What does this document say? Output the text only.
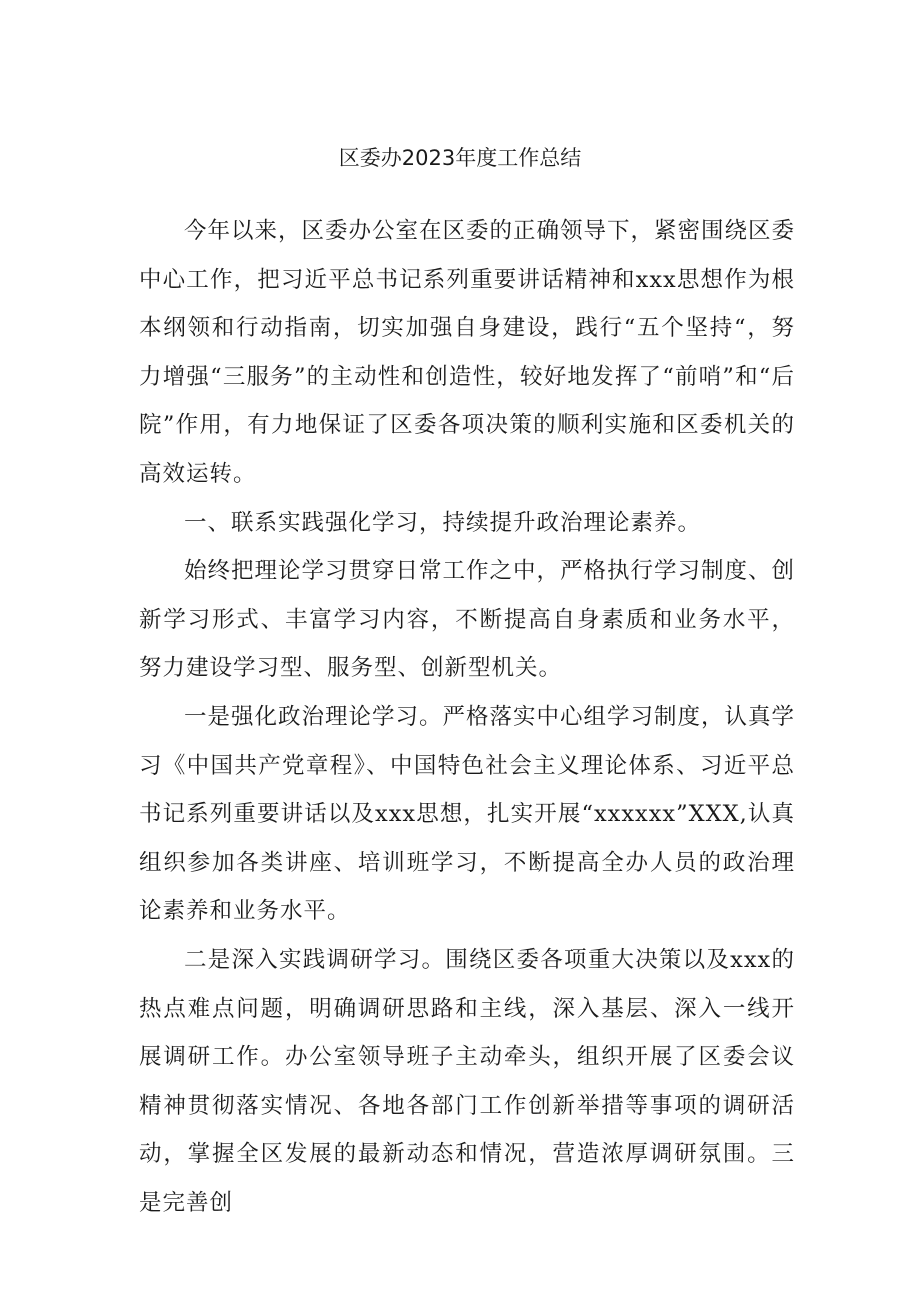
区委办2023年度工作总结

今年以来，区委办公室在区委的正确领导下，紧密围绕区委中心工作，把习近平总书记系列重要讲话精神和xxx思想作为根本纲领和行动指南，切实加强自身建设，践行“五个坚持“，努力增强“三服务”的主动性和创造性，较好地发挥了“前哨”和“后院”作用，有力地保证了区委各项决策的顺利实施和区委机关的高效运转。

一、联系实践强化学习，持续提升政治理论素养。

始终把理论学习贯穿日常工作之中，严格执行学习制度、创新学习形式、丰富学习内容，不断提高自身素质和业务水平，努力建设学习型、服务型、创新型机关。

一是强化政治理论学习。严格落实中心组学习制度，认真学习《中国共产党章程》、中国特色社会主义理论体系、习近平总书记系列重要讲话以及xxx思想，扎实开展“xxxxxx”XXX,认真组织参加各类讲座、培训班学习，不断提高全办人员的政治理论素养和业务水平。

二是深入实践调研学习。围绕区委各项重大决策以及xxx的热点难点问题，明确调研思路和主线，深入基层、深入一线开展调研工作。办公室领导班子主动牵头，组织开展了区委会议精神贯彻落实情况、各地各部门工作创新举措等事项的调研活动，掌握全区发展的最新动态和情况，营造浓厚调研氛围。三是完善创
